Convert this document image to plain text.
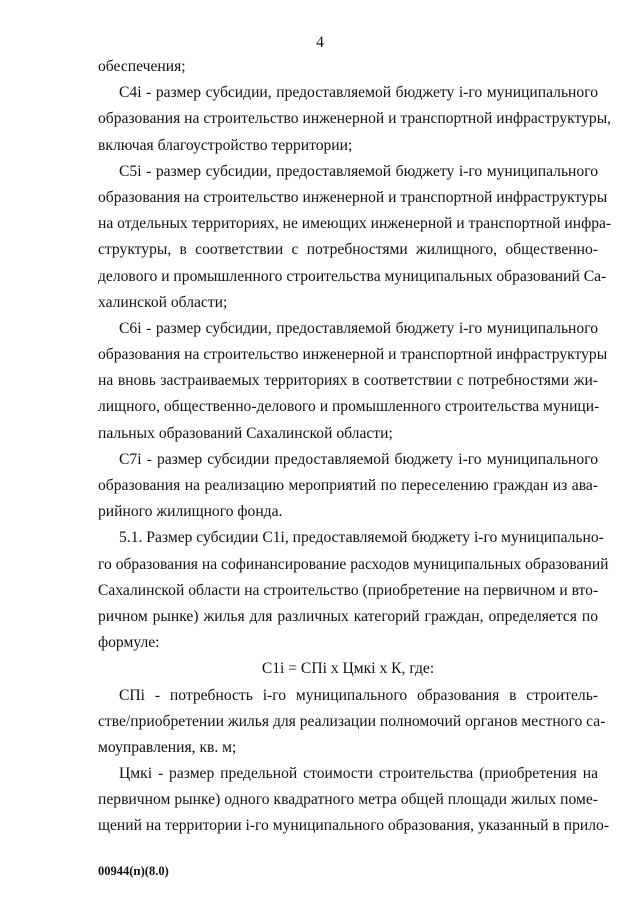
4
обеспечения;
С4i - размер субсидии, предоставляемой бюджету i-го муниципального
образования на строительство инженерной и транспортной инфраструктуры,
включая благоустройство территории;
С5i - размер субсидии, предоставляемой бюджету i-го муниципального
образования на строительство инженерной и транспортной инфраструктуры
на отдельных территориях, не имеющих инженерной и транспортной инфра-
структуры, в соответствии с потребностями жилищного, общественно-
делового и промышленного строительства муниципальных образований Са-
халинской области;
С6i - размер субсидии, предоставляемой бюджету i-го муниципального
образования на строительство инженерной и транспортной инфраструктуры
на вновь застраиваемых территориях в соответствии с потребностями жи-
лищного, общественно-делового и промышленного строительства муници-
пальных образований Сахалинской области;
С7i - размер субсидии предоставляемой бюджету i-го муниципального
образования на реализацию мероприятий по переселению граждан из ава-
рийного жилищного фонда.
5.1. Размер субсидии С1i, предоставляемой бюджету i-го муниципально-
го образования на софинансирование расходов муниципальных образований
Сахалинской области на строительство (приобретение на первичном и вто-
ричном рынке) жилья для различных категорий граждан, определяется по
формуле:
С1i = СПi х Цмкi х К, где:
СПi - потребность i-го муниципального образования в строитель-
стве/приобретении жилья для реализации полномочий органов местного са-
моуправления, кв. м;
Цмкi - размер предельной стоимости строительства (приобретения на
первичном рынке) одного квадратного метра общей площади жилых поме-
щений на территории i-го муниципального образования, указанный в прило-
00944(п)(8.0)
